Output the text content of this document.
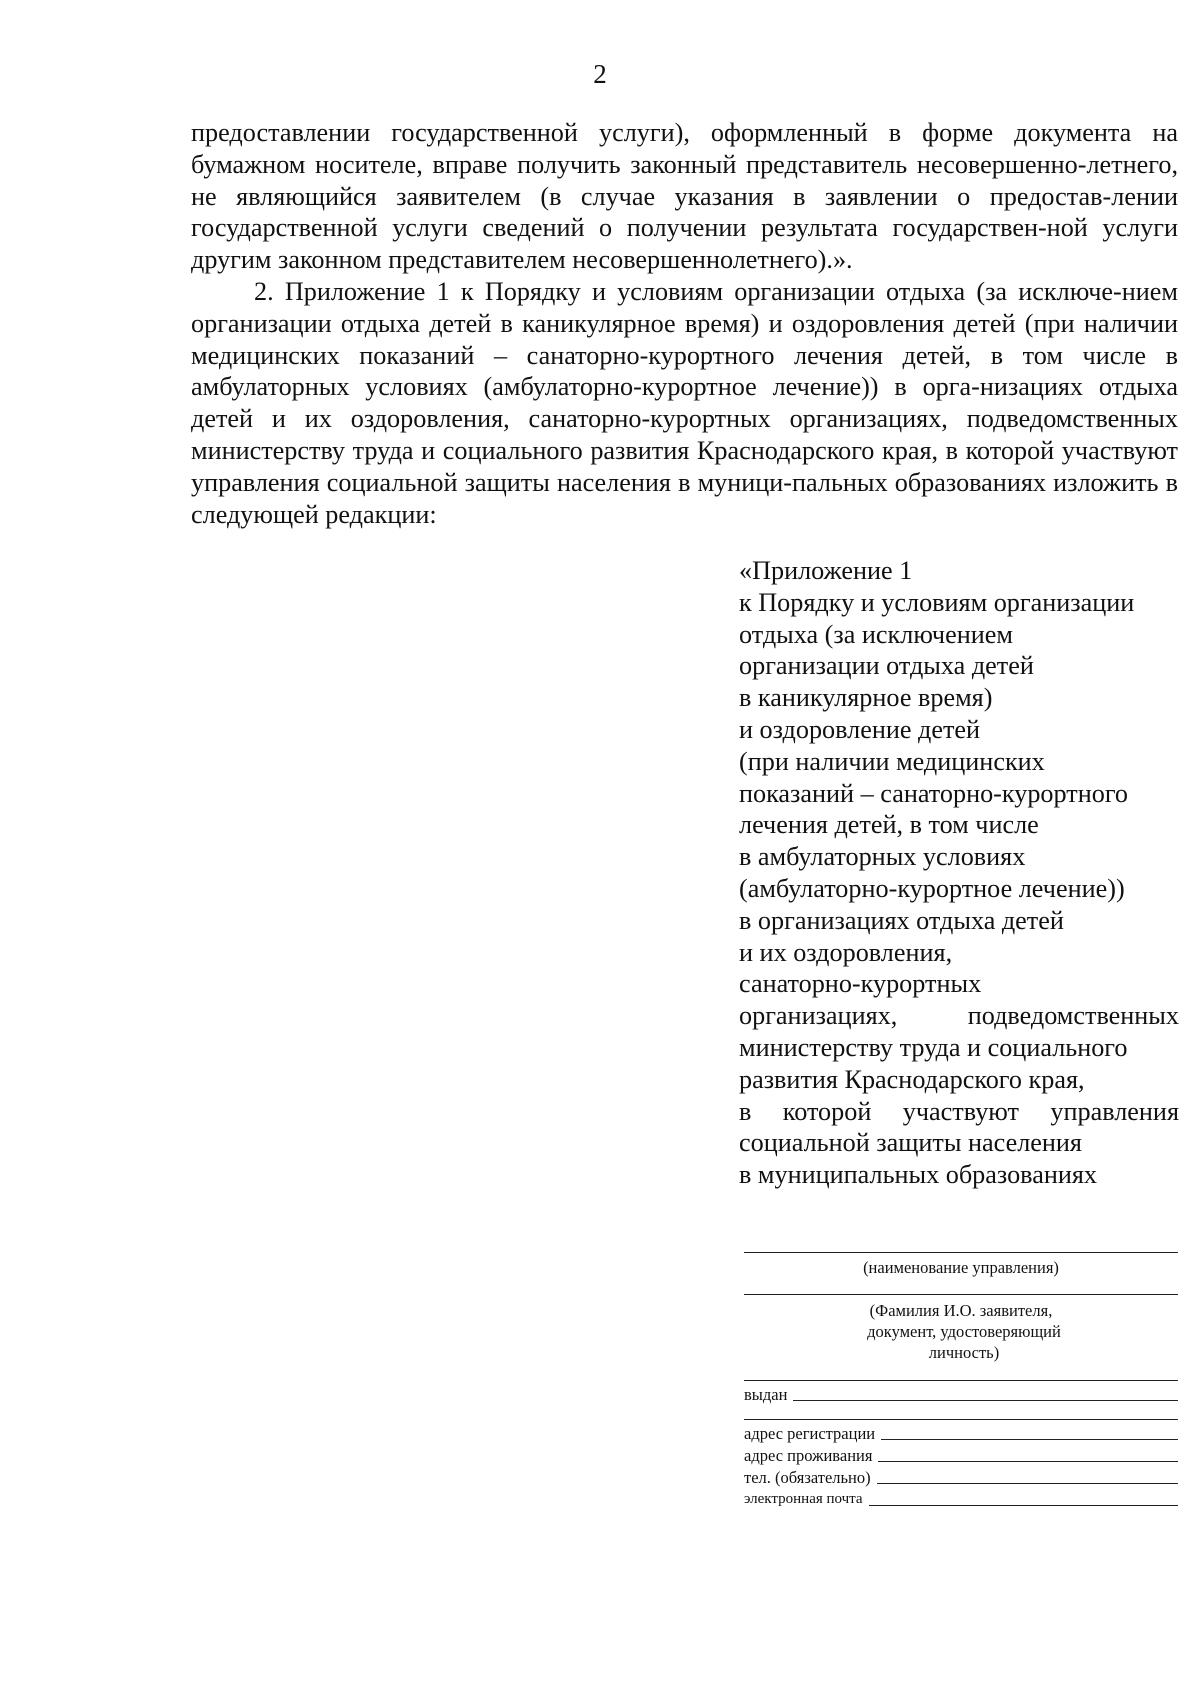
2

предоставлении государственной услуги), оформленный в форме документа на бумажном носителе, вправе получить законный представитель несовершенно-летнего, не являющийся заявителем (в случае указания в заявлении о предостав-лении государственной услуги сведений о получении результата государствен-ной услуги другим законном представителем несовершеннолетнего).».

2. Приложение 1 к Порядку и условиям организации отдыха (за исключе-нием организации отдыха детей в каникулярное время) и оздоровления детей (при наличии медицинских показаний – санаторно-курортного лечения детей, в том числе в амбулаторных условиях (амбулаторно-курортное лечение)) в орга-низациях отдыха детей и их оздоровления, санаторно-курортных организациях, подведомственных министерству труда и социального развития Краснодарского края, в которой участвуют управления социальной защиты населения в муници-пальных образованиях изложить в следующей редакции:

«Приложение 1
к Порядку и условиям организации
отдыха (за исключением
организации отдыха детей
в каникулярное время)
и оздоровление детей
(при наличии медицинских
показаний – санаторно-курортного
лечения детей, в том числе
в амбулаторных условиях
(амбулаторно-курортное лечение))
в организациях отдыха детей
и их оздоровления,
санаторно-курортных
организациях, подведомственных
министерству труда и социального
развития Краснодарского края,
в которой участвуют управления
социальной защиты населения
в муниципальных образованиях
(наименование управления)
(Фамилия И.О. заявителя,
документ, удостоверяющий
личность)
выдан
адрес регистрации
адрес проживания
тел. (обязательно)
электронная почта
